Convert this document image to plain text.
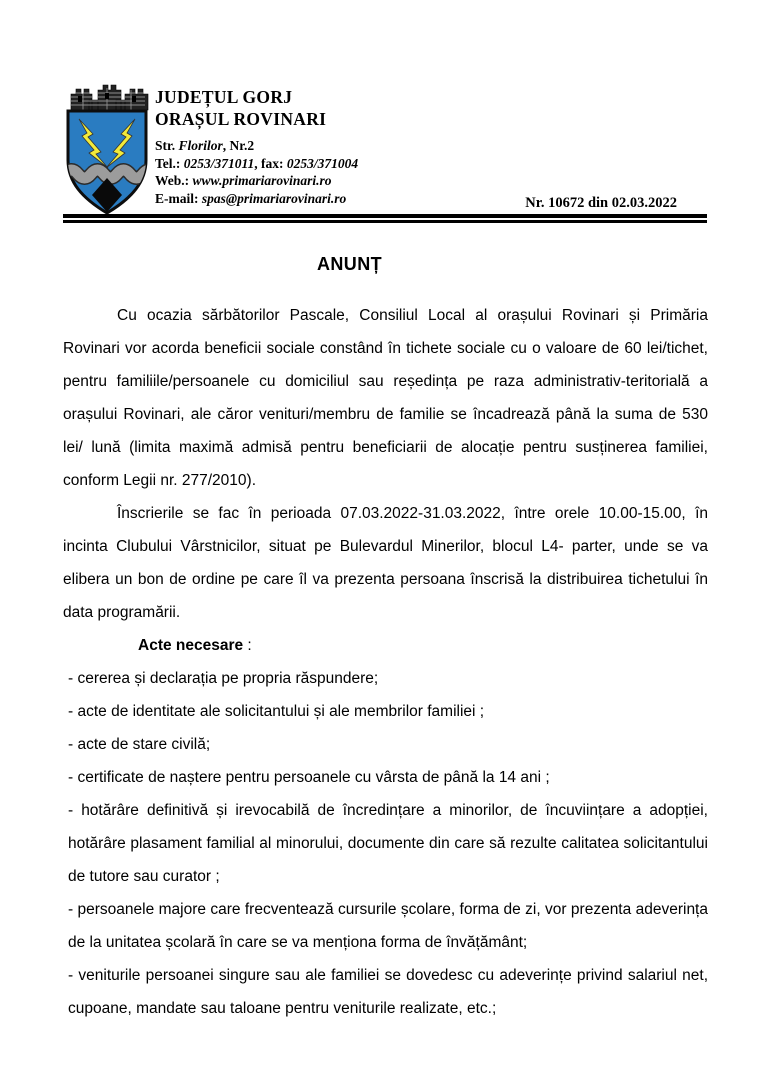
JUDEȚUL GORJ
ORAȘUL ROVINARI
Str. Florilor, Nr.2
Tel.: 0253/371011, fax: 0253/371004
Web.: www.primariarovinari.ro
E-mail: spas@primariarovinari.ro	Nr. 10672 din 02.03.2022
ANUNȚ

Cu ocazia sărbătorilor Pascale, Consiliul Local al orașului Rovinari și Primăria Rovinari vor acorda beneficii sociale constând în tichete sociale cu o valoare de 60 lei/tichet, pentru familiile/persoanele cu domiciliul sau reședința pe raza administrativ-teritorială a orașului Rovinari, ale căror venituri/membru de familie se încadrează până la suma de 530 lei/ lună (limita maximă admisă pentru beneficiarii de alocație pentru susținerea familiei, conform Legii nr. 277/2010).

Înscrierile se fac în perioada 07.03.2022-31.03.2022, între orele 10.00-15.00, în incinta Clubului Vârstnicilor, situat pe Bulevardul Minerilor, blocul L4- parter, unde se va elibera un bon de ordine pe care îl va prezenta persoana înscrisă la distribuirea tichetului în data programării.

Acte necesare :

- cererea și declarația pe propria răspundere;

- acte de identitate ale solicitantului și ale membrilor familiei ;

- acte de stare civilă;

- certificate de naștere pentru persoanele cu vârsta de până la 14 ani ;

- hotărâre definitivă și irevocabilă de încredințare a minorilor, de încuviințare a adopției, hotărâre plasament familial al minorului, documente din care să rezulte calitatea solicitantului de tutore sau curator ;

- persoanele majore care frecventează cursurile școlare, forma de zi, vor prezenta adeverința de la unitatea școlară în care se va menționa forma de învățământ;

- veniturile persoanei singure sau ale familiei se dovedesc cu adeverințe privind salariul net, cupoane, mandate sau taloane pentru veniturile realizate, etc.;
